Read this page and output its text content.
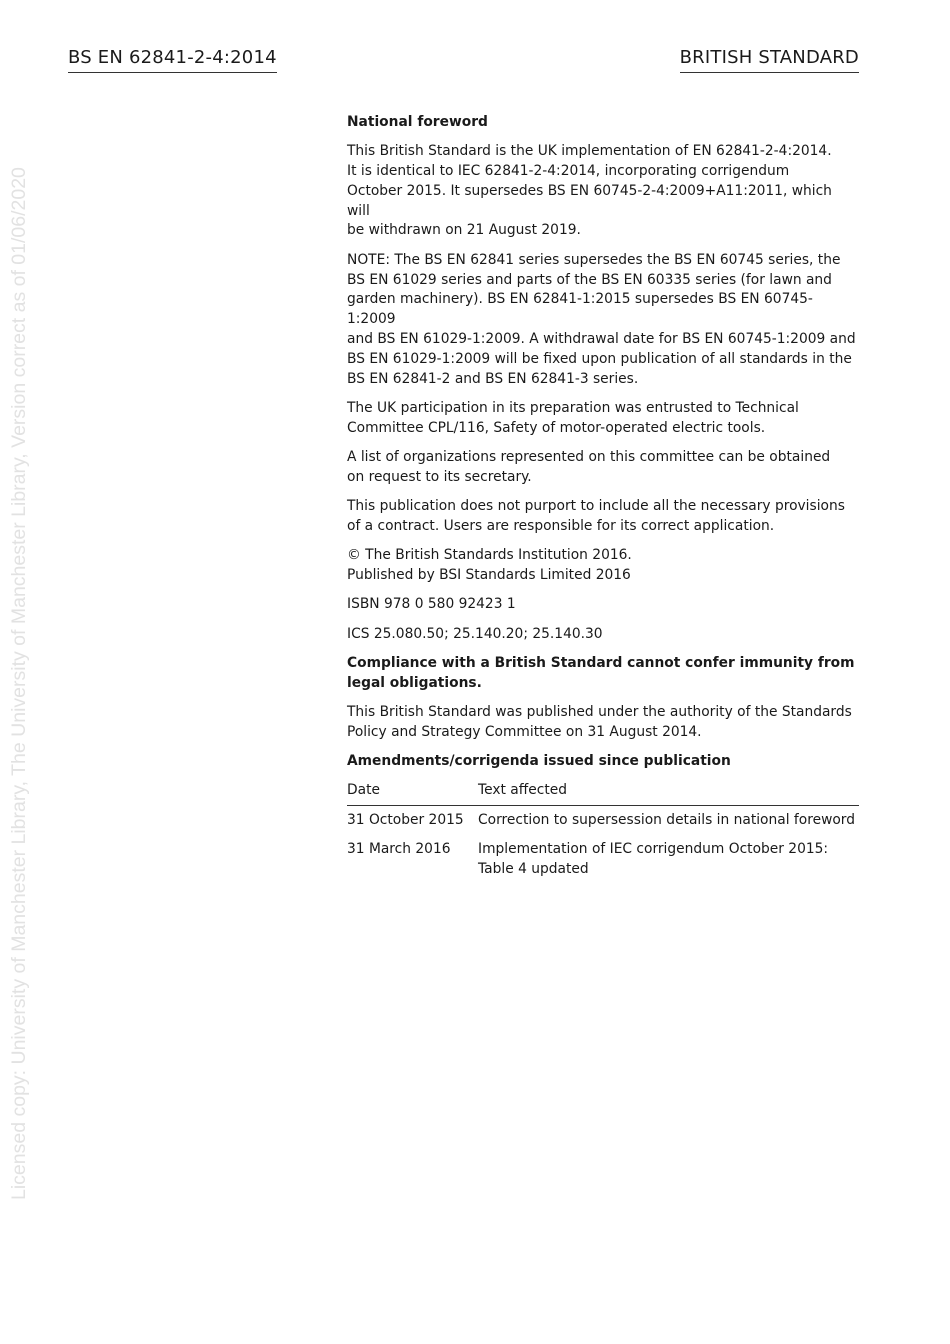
BS EN 62841-2-4:2014	BRITISH STANDARD
Licensed copy: University of Manchester Library, The University of Manchester Library, Version correct as of 01/06/2020

National foreword

This British Standard is the UK implementation of EN 62841-2-4:2014.
It is identical to IEC 62841-2-4:2014, incorporating corrigendum
October 2015. It supersedes BS EN 60745-2-4:2009+A11:2011, which will
be withdrawn on 21 August 2019.

NOTE: The BS EN 62841 series supersedes the BS EN 60745 series, the
BS EN 61029 series and parts of the BS EN 60335 series (for lawn and
garden machinery). BS EN 62841-1:2015 supersedes BS EN 60745-1:2009
and BS EN 61029-1:2009. A withdrawal date for BS EN 60745-1:2009 and
BS EN 61029-1:2009 will be fixed upon publication of all standards in the
BS EN 62841-2 and BS EN 62841-3 series.

The UK participation in its preparation was entrusted to Technical
Committee CPL/116, Safety of motor-operated electric tools.

A list of organizations represented on this committee can be obtained
on request to its secretary.

This publication does not purport to include all the necessary provisions
of a contract. Users are responsible for its correct application.

© The British Standards Institution 2016.
Published by BSI Standards Limited 2016

ISBN 978 0 580 92423 1

ICS 25.080.50; 25.140.20; 25.140.30

Compliance with a British Standard cannot confer immunity from
legal obligations.

This British Standard was published under the authority of the Standards
Policy and Strategy Committee on 31 August 2014.

Amendments/corrigenda issued since publication

Date	Text affected
31 October 2015	Correction to supersession details in national foreword
31 March 2016	Implementation of IEC corrigendum October 2015:
Table 4 updated
